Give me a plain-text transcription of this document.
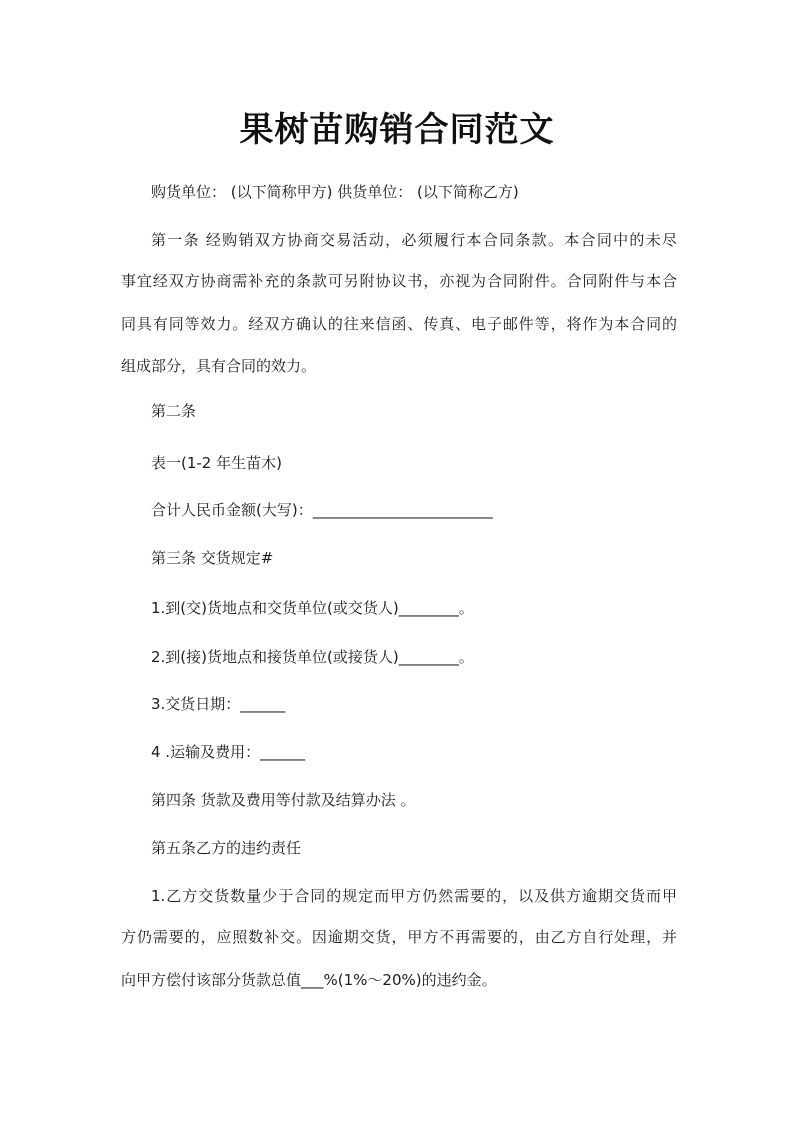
果树苗购销合同范文
购货单位： (以下简称甲方) 供货单位： (以下简称乙方)
第一条 经购销双方协商交易活动，必须履行本合同条款。本合同中的未尽
事宜经双方协商需补充的条款可另附协议书，亦视为合同附件。合同附件与本合
同具有同等效力。经双方确认的往来信函、传真、电子邮件等，将作为本合同的
组成部分，具有合同的效力。
第二条
表一(1-2 年生苗木)
合计人民币金额(大写)：________________________
第三条 交货规定#
1.到(交)货地点和交货单位(或交货人)________。
2.到(接)货地点和接货单位(或接货人)________。
3.交货日期：______
4 .运输及费用：______
第四条 货款及费用等付款及结算办法 。
第五条乙方的违约责任
1.乙方交货数量少于合同的规定而甲方仍然需要的，以及供方逾期交货而甲
方仍需要的，应照数补交。因逾期交货，甲方不再需要的，由乙方自行处理，并
向甲方偿付该部分货款总值___%(1%～20%)的违约金。
